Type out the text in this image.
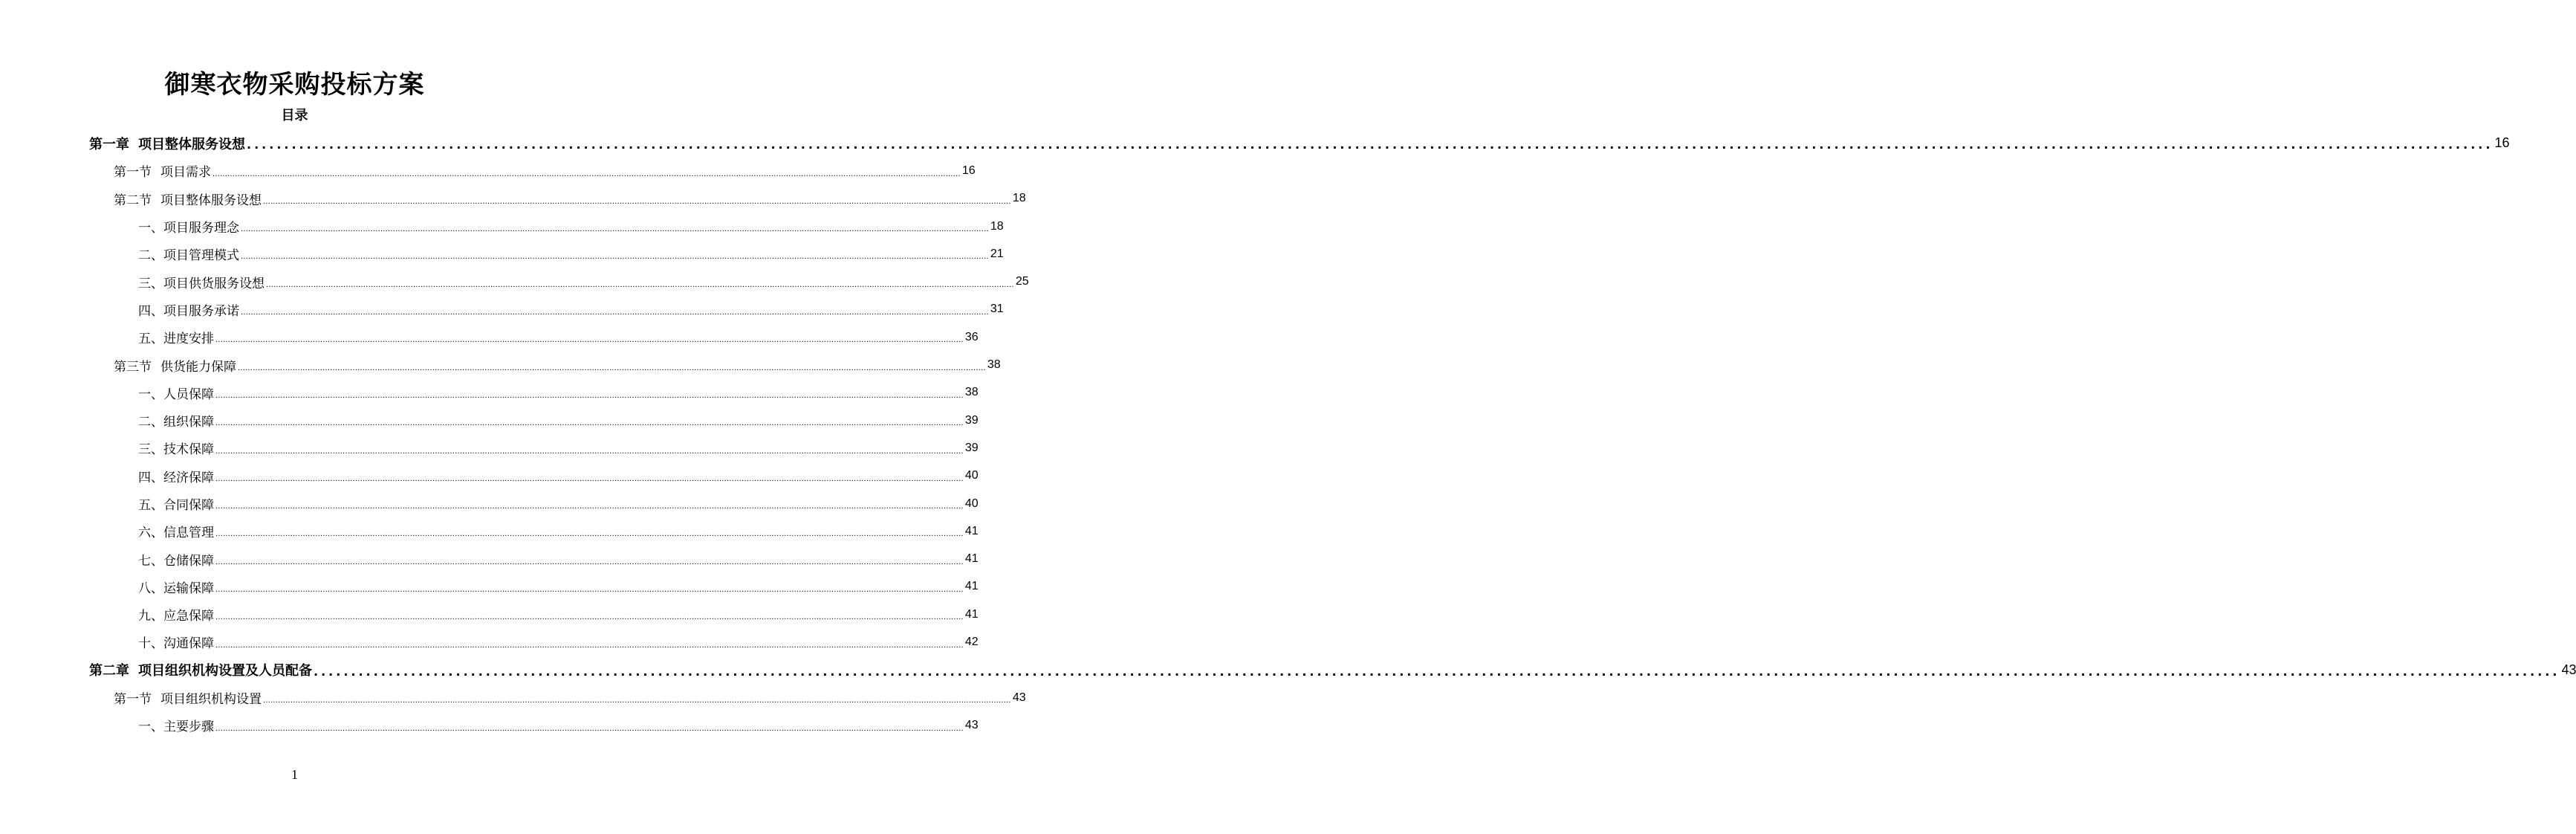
御寒衣物采购投标方案
目录
第一章 项目整体服务设想 ............................................................................................................................................................................................................................................................................................................ 16
第一节 项目需求 ............................................................................................................................................................................................................................................................................................................ 16
第二节 项目整体服务设想 ............................................................................................................................................................................................................................................................................................................ 18
一、项目服务理念 ............................................................................................................................................................................................................................................................................................................ 18
二、项目管理模式 ............................................................................................................................................................................................................................................................................................................ 21
三、项目供货服务设想 ............................................................................................................................................................................................................................................................................................................ 25
四、项目服务承诺 ............................................................................................................................................................................................................................................................................................................ 31
五、进度安排 ............................................................................................................................................................................................................................................................................................................ 36
第三节 供货能力保障 ............................................................................................................................................................................................................................................................................................................ 38
一、人员保障 ............................................................................................................................................................................................................................................................................................................ 38
二、组织保障 ............................................................................................................................................................................................................................................................................................................ 39
三、技术保障 ............................................................................................................................................................................................................................................................................................................ 39
四、经济保障 ............................................................................................................................................................................................................................................................................................................ 40
五、合同保障 ............................................................................................................................................................................................................................................................................................................ 40
六、信息管理 ............................................................................................................................................................................................................................................................................................................ 41
七、仓储保障 ............................................................................................................................................................................................................................................................................................................ 41
八、运输保障 ............................................................................................................................................................................................................................................................................................................ 41
九、应急保障 ............................................................................................................................................................................................................................................................................................................ 41
十、沟通保障 ............................................................................................................................................................................................................................................................................................................ 42
第二章 项目组织机构设置及人员配备 ............................................................................................................................................................................................................................................................................................................ 43
第一节 项目组织机构设置 ............................................................................................................................................................................................................................................................................................................ 43
一、主要步骤 ............................................................................................................................................................................................................................................................................................................ 43
1
